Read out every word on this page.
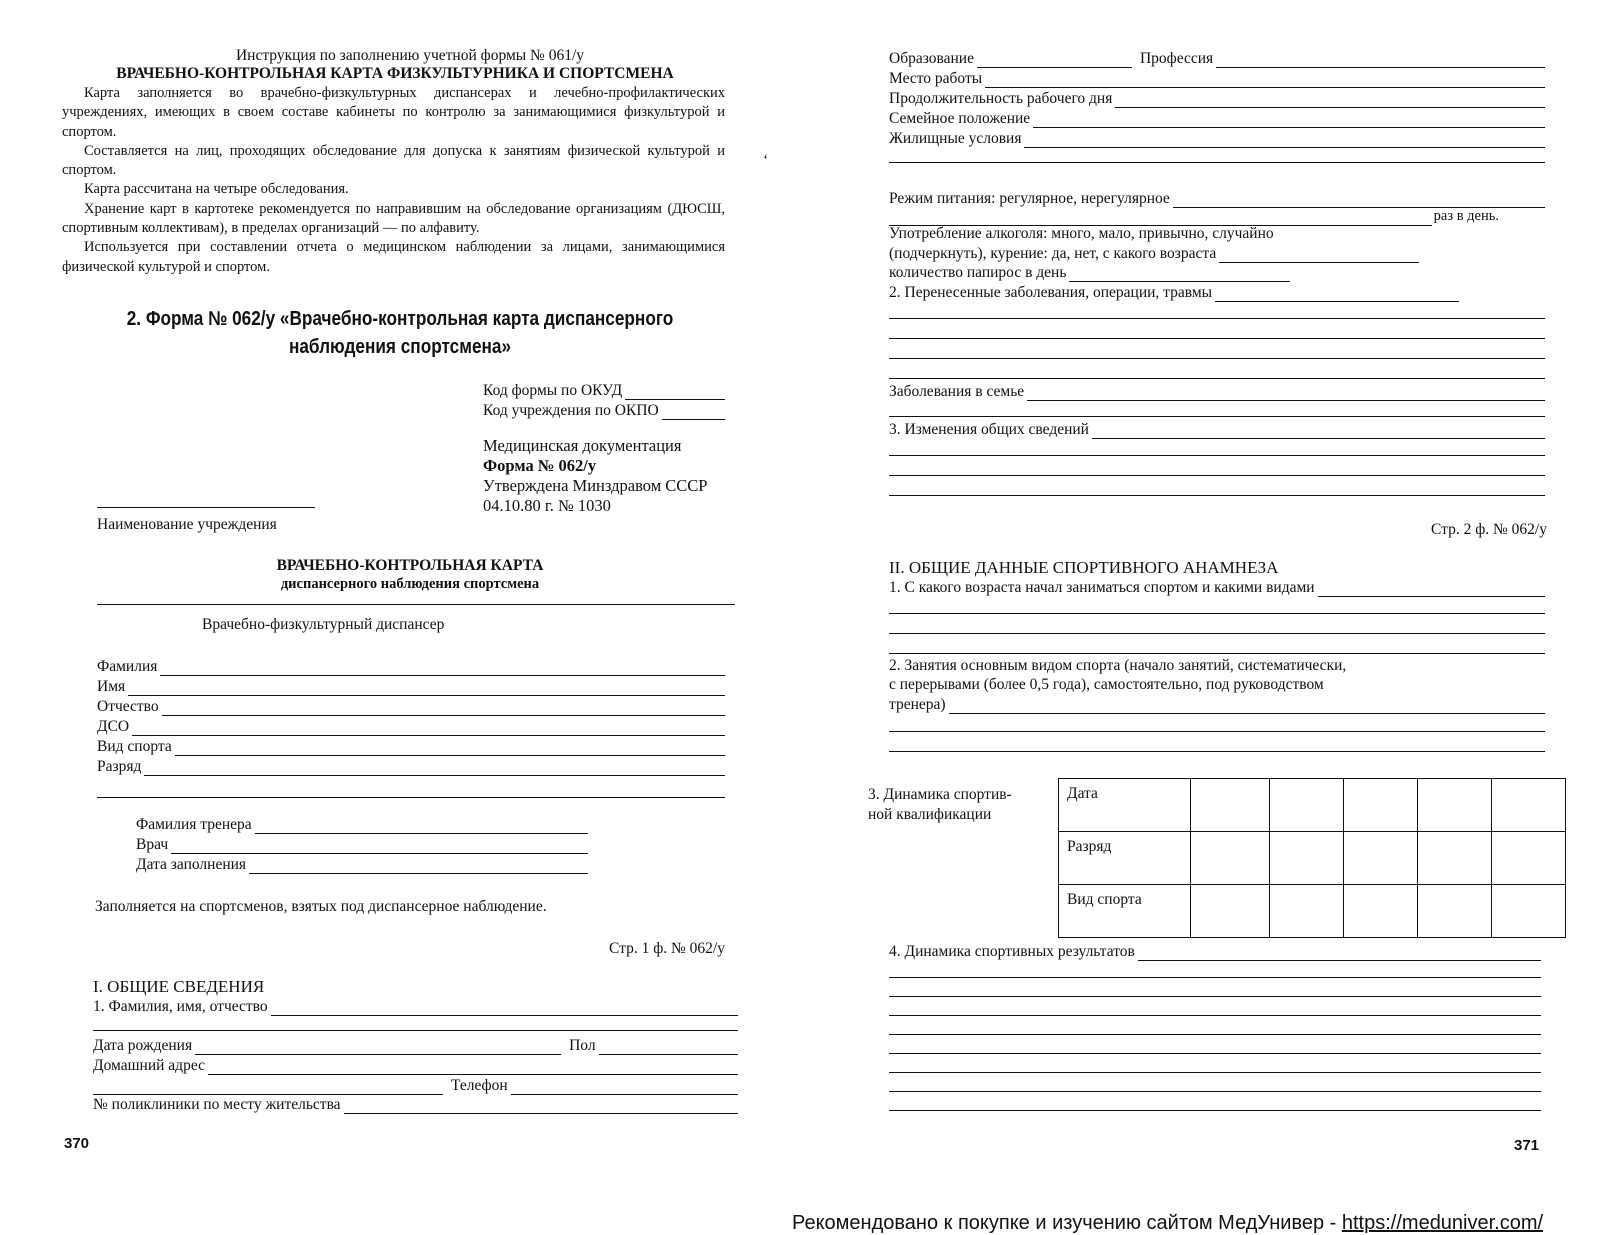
Инструкция по заполнению учетной формы № 061/у
ВРАЧЕБНО-КОНТРОЛЬНАЯ КАРТА ФИЗКУЛЬТУРНИКА И СПОРТСМЕНА

Карта заполняется во врачебно-физкультурных диспансерах и лечебно-профилактических учреждениях, имеющих в своем составе кабинеты по контролю за занимающимися физкультурой и спортом.

Составляется на лиц, проходящих обследование для допуска к занятиям физической культурой и спортом.

Карта рассчитана на четыре обследования.

Хранение карт в картотеке рекомендуется по направившим на обследование организациям (ДЮСШ, спортивным коллективам), в пределах организаций — по алфавиту.

Используется при составлении отчета о медицинском наблюдении за лицами, занимающимися физической культурой и спортом.

2. Форма № 062/у «Врачебно-контрольная карта диспансерного
наблюдения спортсмена»
Код формы по ОКУД
Код учреждения по ОКПО
Медицинская документация
Форма № 062/у
Утверждена Минздравом СССР
04.10.80 г. № 1030
Наименование учреждения
ВРАЧЕБНО-КОНТРОЛЬНАЯ КАРТА
диспансерного наблюдения спортсмена
Врачебно-физкультурный диспансер
Фамилия
Имя
Отчество
ДСО
Вид спорта
Разряд
Фамилия тренера
Врач
Дата заполнения
Заполняется на спортсменов, взятых под диспансерное наблюдение.
Стр. 1 ф. № 062/у
I. ОБЩИЕ СВЕДЕНИЯ
1. Фамилия, имя, отчество
Дата рождения	Пол
Домашний адрес
Телефон
№ поликлиники по месту жительства
370
ʻ
Образование	Профессия
Место работы
Продолжительность рабочего дня
Семейное положение
Жилищные условия
Режим питания: регулярное, нерегулярное
раз в день.
Употребление алкоголя: много, мало, привычно, случайно
(подчеркнуть), курение: да, нет, с какого возраста
количество папирос в день
2. Перенесенные заболевания, операции, травмы
Заболевания в семье
3. Изменения общих сведений
Стр. 2 ф. № 062/у
II. ОБЩИЕ ДАННЫЕ СПОРТИВНОГО АНАМНЕЗА
1. С какого возраста начал заниматься спортом и какими видами
2. Занятия основным видом спорта (начало занятий, систематически,
с перерывами (более 0,5 года), самостоятельно, под руководством
тренера)
3. Динамика спортив-
ной квалификации
Дата					
Разряд					
Вид спорта					
4. Динамика спортивных результатов
371
Рекомендовано к покупке и изучению сайтом МедУнивер - https://meduniver.com/
